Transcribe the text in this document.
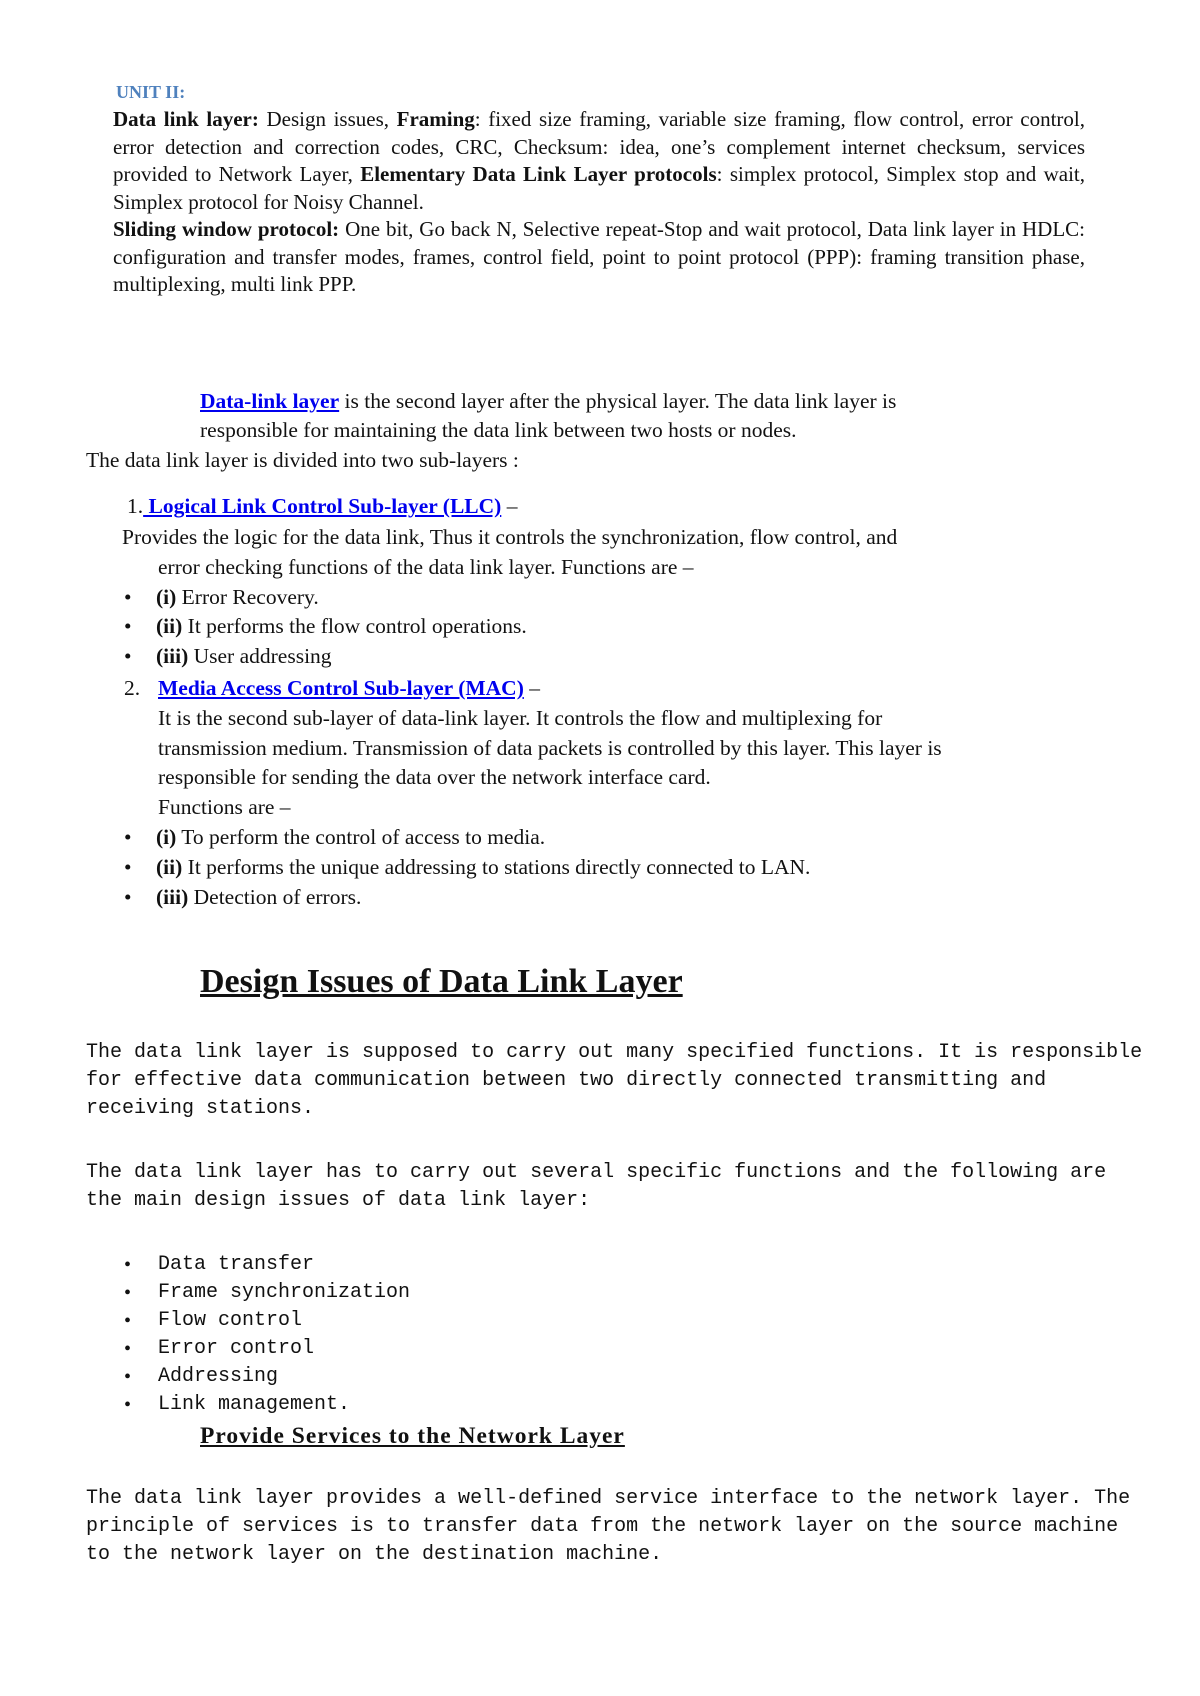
UNIT II:

Data link layer: Design issues, Framing: fixed size framing, variable size framing, flow control, error control, error detection and correction codes, CRC, Checksum: idea, one’s complement internet checksum, services provided to Network Layer, Elementary Data Link Layer protocols: simplex protocol, Simplex stop and wait, Simplex protocol for Noisy Channel.

Sliding window protocol: One bit, Go back N, Selective repeat-Stop and wait protocol, Data link layer in HDLC: configuration and transfer modes, frames, control field, point to point protocol (PPP): framing transition phase, multiplexing, multi link PPP.

Data-link layer is the second layer after the physical layer. The data link layer is
responsible for maintaining the data link between two hosts or nodes.
The data link layer is divided into two sub-layers :
1. Logical Link Control Sub-layer (LLC) –
Provides the logic for the data link, Thus it controls the synchronization, flow control, and
error checking functions of the data link layer. Functions are –
• (i) Error Recovery.
• (ii) It performs the flow control operations.
• (iii) User addressing
2. Media Access Control Sub-layer (MAC) –
It is the second sub-layer of data-link layer. It controls the flow and multiplexing for
transmission medium. Transmission of data packets is controlled by this layer. This layer is
responsible for sending the data over the network interface card.
Functions are –
• (i) To perform the control of access to media.
• (ii) It performs the unique addressing to stations directly connected to LAN.
• (iii) Detection of errors.
Design Issues of Data Link Layer
The data link layer is supposed to carry out many specified functions. It is responsible for effective data communication between two directly connected transmitting and receiving stations.
The data link layer has to carry out several specific functions and the following are the main design issues of data link layer:
• Data transfer
• Frame synchronization
• Flow control
• Error control
• Addressing
• Link management.
Provide Services to the Network Layer
The data link layer provides a well-defined service interface to the network layer. The principle of services is to transfer data from the network layer on the source machine to the network layer on the destination machine.
